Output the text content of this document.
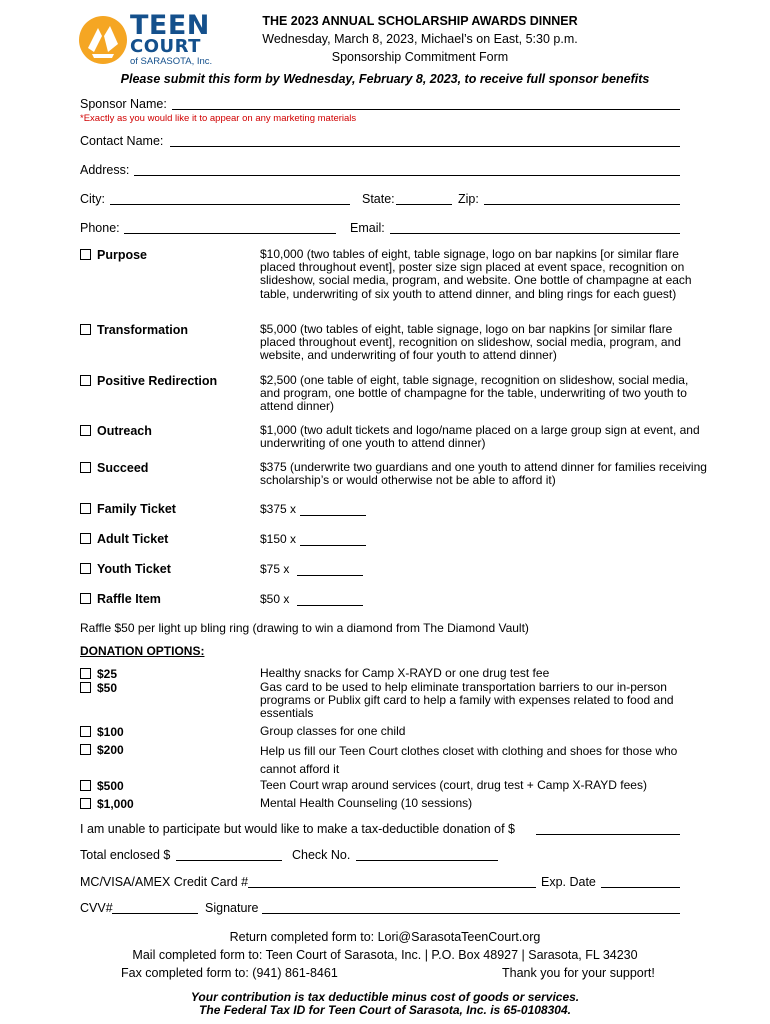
TEEN
COURT
of SARASOTA, Inc.
THE 2023 ANNUAL SCHOLARSHIP AWARDS DINNER
Wednesday, March 8, 2023, Michael’s on East, 5:30 p.m.
Sponsorship Commitment Form
Please submit this form by Wednesday, February 8, 2023, to receive full sponsor benefits
Sponsor Name:
*Exactly as you would like it to appear on any marketing materials
Contact Name:
Address:
City:	State:	Zip:
Phone:	Email:
Purpose	$10,000 (two tables of eight, table signage, logo on bar napkins [or similar flare placed throughout event], poster size sign placed at event space, recognition on slideshow, social media, program, and website. One bottle of champagne at each table, underwriting of six youth to attend dinner, and bling rings for each guest)
Transformation	$5,000 (two tables of eight, table signage, logo on bar napkins [or similar flare placed throughout event], recognition on slideshow, social media, program, and website, and underwriting of four youth to attend dinner)
Positive Redirection	$2,500 (one table of eight, table signage, recognition on slideshow, social media, and program, one bottle of champagne for the table, underwriting of two youth to attend dinner)
Outreach	$1,000 (two adult tickets and logo/name placed on a large group sign at event, and underwriting of one youth to attend dinner)
Succeed	$375 (underwrite two guardians and one youth to attend dinner for families receiving scholarship’s or would otherwise not be able to afford it)
Family Ticket	$375 x
Adult Ticket	$150 x
Youth Ticket	$75 x
Raffle Item	$50 x
Raffle $50 per light up bling ring (drawing to win a diamond from The Diamond Vault)
DONATION OPTIONS:
$25	Healthy snacks for Camp X-RAYD or one drug test fee
$50	Gas card to be used to help eliminate transportation barriers to our in-person programs or Publix gift card to help a family with expenses related to food and essentials
$100	Group classes for one child
$200	Help us fill our Teen Court clothes closet with clothing and shoes for those who cannot afford it
$500	Teen Court wrap around services (court, drug test + Camp X-RAYD fees)
$1,000	Mental Health Counseling (10 sessions)
I am unable to participate but would like to make a tax-deductible donation of $
Total enclosed $	Check No.
MC/VISA/AMEX Credit Card #	Exp. Date
CVV#	Signature
Return completed form to: Lori@SarasotaTeenCourt.org
Mail completed form to: Teen Court of Sarasota, Inc. | P.O. Box 48927 | Sarasota, FL 34230
Fax completed form to: (941) 861-8461	Thank you for your support!
Your contribution is tax deductible minus cost of goods or services.
The Federal Tax ID for Teen Court of Sarasota, Inc. is 65-0108304.
